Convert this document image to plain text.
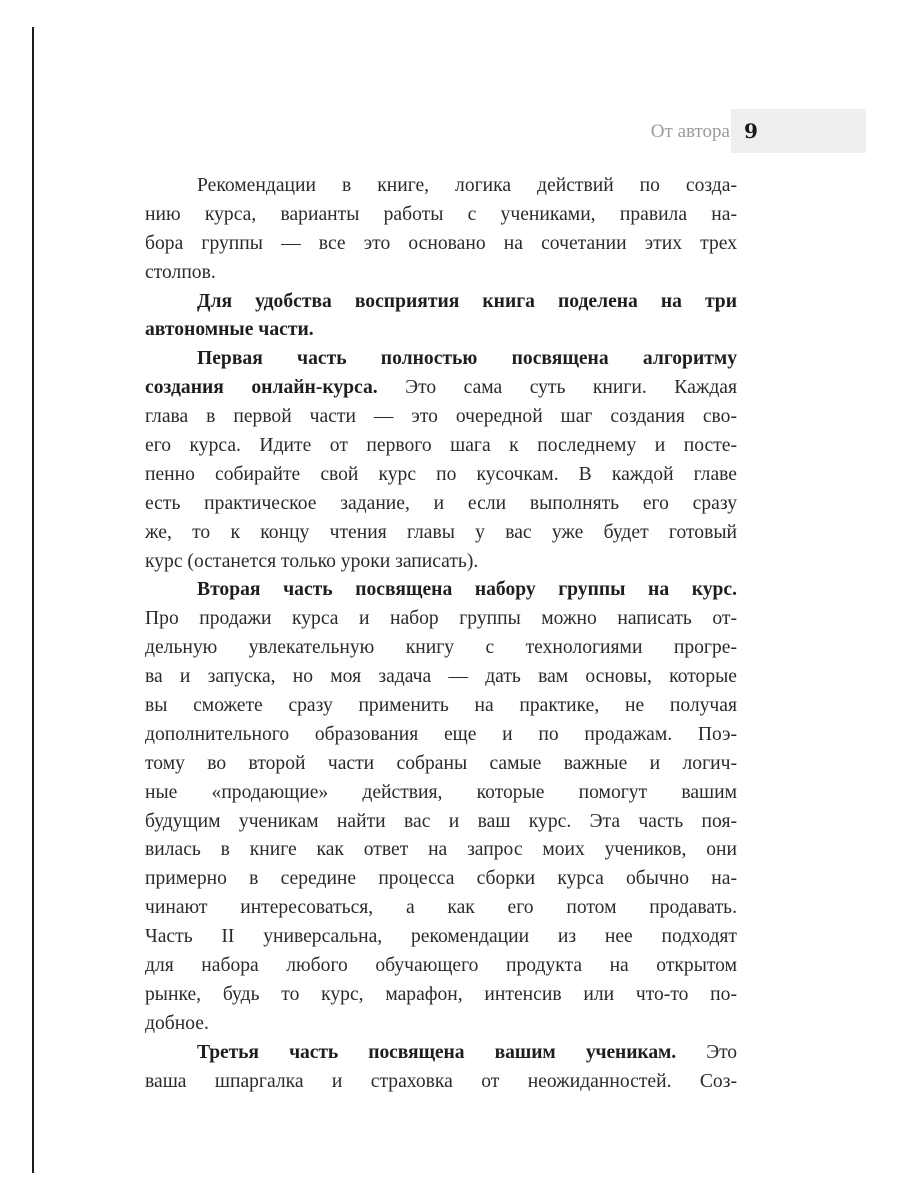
От автора 9
Рекомендации в книге, логика действий по созда-
нию курса, варианты работы с учениками, правила на-
бора группы — все это основано на сочетании этих трех
столпов.
Для удобства восприятия книга поделена на три
автономные части.
Первая часть полностью посвящена алгоритму
создания онлайн-курса. Это сама суть книги. Каждая
глава в первой части — это очередной шаг создания сво-
его курса. Идите от первого шага к последнему и посте-
пенно собирайте свой курс по кусочкам. В каждой главе
есть практическое задание, и если выполнять его сразу
же, то к концу чтения главы у вас уже будет готовый
курс (останется только уроки записать).
Вторая часть посвящена набору группы на курс.
Про продажи курса и набор группы можно написать от-
дельную увлекательную книгу с технологиями прогре-
ва и запуска, но моя задача — дать вам основы, которые
вы сможете сразу применить на практике, не получая
дополнительного образования еще и по продажам. Поэ-
тому во второй части собраны самые важные и логич-
ные «продающие» действия, которые помогут вашим
будущим ученикам найти вас и ваш курс. Эта часть поя-
вилась в книге как ответ на запрос моих учеников, они
примерно в середине процесса сборки курса обычно на-
чинают интересоваться, а как его потом продавать.
Часть II универсальна, рекомендации из нее подходят
для набора любого обучающего продукта на открытом
рынке, будь то курс, марафон, интенсив или что-то по-
добное.
Третья часть посвящена вашим ученикам. Это
ваша шпаргалка и страховка от неожиданностей. Соз-
